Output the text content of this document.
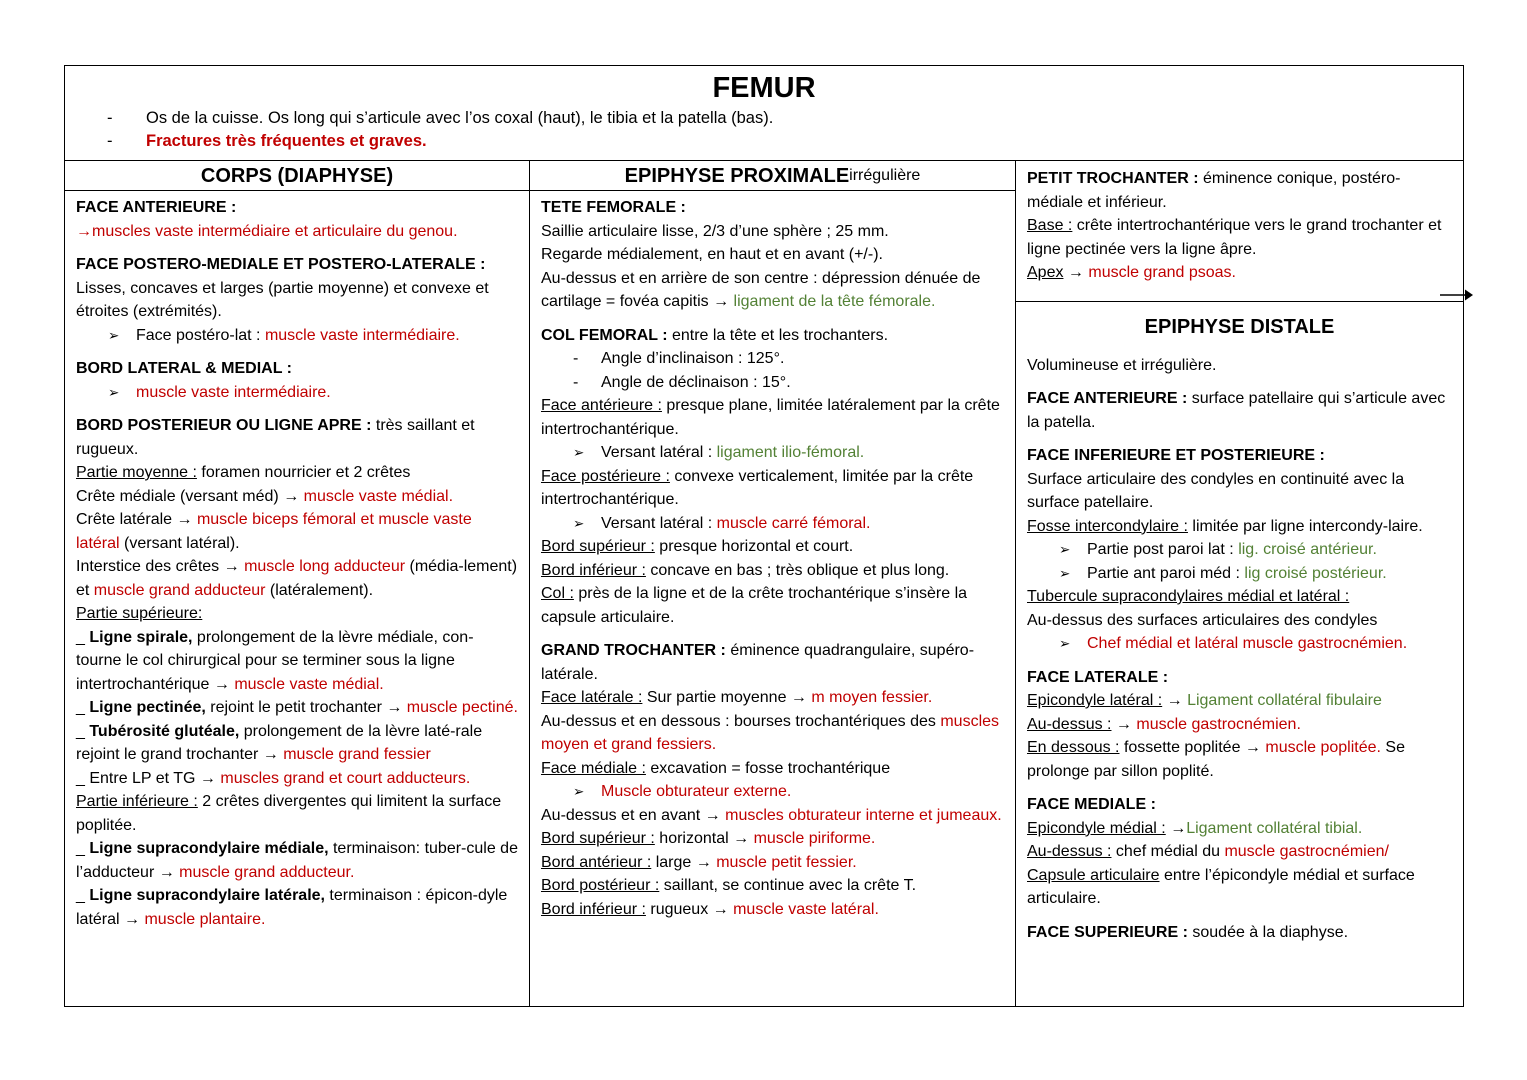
FEMUR
-	Os de la cuisse. Os long qui s’articule avec l’os coxal (haut), le tibia et la patella (bas).
-	Fractures très fréquentes et graves.
CORPS (DIAPHYSE)
FACE ANTERIEURE :
→muscles vaste intermédiaire et articulaire du genou.
FACE POSTERO-MEDIALE ET POSTERO-LATERALE :
Lisses, concaves et larges (partie moyenne) et convexe et étroites (extrémités).
➢	Face postéro-lat : muscle vaste intermédiaire.
BORD LATERAL & MEDIAL :
➢	muscle vaste intermédiaire.
BORD POSTERIEUR OU LIGNE APRE : très saillant et rugueux.
Partie moyenne : foramen nourricier et 2 crêtes
Crête médiale (versant méd) → muscle vaste médial.
Crête latérale → muscle biceps fémoral et muscle vaste latéral (versant latéral).
Interstice des crêtes → muscle long adducteur (média-lement) et muscle grand adducteur (latéralement).
Partie supérieure:
_ Ligne spirale, prolongement de la lèvre médiale, con-tourne le col chirurgical pour se terminer sous la ligne intertrochantérique → muscle vaste médial.
_ Ligne pectinée, rejoint le petit trochanter → muscle pectiné.
_ Tubérosité glutéale, prolongement de la lèvre laté-rale rejoint le grand trochanter → muscle grand fessier
_ Entre LP et TG → muscles grand et court adducteurs.
Partie inférieure : 2 crêtes divergentes qui limitent la surface poplitée.
_ Ligne supracondylaire médiale, terminaison: tuber-cule de l’adducteur → muscle grand adducteur.
_ Ligne supracondylaire latérale, terminaison : épicon-dyle latéral → muscle plantaire.
EPIPHYSE PROXIMALE irrégulière
TETE FEMORALE :
Saillie articulaire lisse, 2/3 d’une sphère ; 25 mm.
Regarde médialement, en haut et en avant (+/-).
Au-dessus et en arrière de son centre : dépression dénuée de cartilage = fovéa capitis → ligament de la tête fémorale.
COL FEMORAL : entre la tête et les trochanters.
-	Angle d’inclinaison : 125°.
-	Angle de déclinaison : 15°.
Face antérieure : presque plane, limitée latéralement par la crête intertrochantérique.
➢	Versant latéral : ligament ilio-fémoral.
Face postérieure : convexe verticalement, limitée par la crête intertrochantérique.
➢	Versant latéral : muscle carré fémoral.
Bord supérieur : presque horizontal et court.
Bord inférieur : concave en bas ; très oblique et plus long.
Col : près de la ligne et de la crête trochantérique s’insère la capsule articulaire.
GRAND TROCHANTER : éminence quadrangulaire, supéro-latérale.
Face latérale : Sur partie moyenne → m moyen fessier.
Au-dessus et en dessous : bourses trochantériques des muscles moyen et grand fessiers.
Face médiale : excavation = fosse trochantérique
➢	Muscle obturateur externe.
Au-dessus et en avant → muscles obturateur interne et jumeaux.
Bord supérieur : horizontal → muscle piriforme.
Bord antérieur : large → muscle petit fessier.
Bord postérieur : saillant, se continue avec la crête T.
Bord inférieur : rugueux → muscle vaste latéral.
PETIT TROCHANTER : éminence conique, postéro-médiale et inférieur.
Base : crête intertrochantérique vers le grand trochanter et ligne pectinée vers la ligne âpre.
Apex → muscle grand psoas.
EPIPHYSE DISTALE
Volumineuse et irrégulière.
FACE ANTERIEURE : surface patellaire qui s’articule avec la patella.
FACE INFERIEURE ET POSTERIEURE :
Surface articulaire des condyles en continuité avec la surface patellaire.
Fosse intercondylaire : limitée par ligne intercondy-laire.
➢	Partie post paroi lat : lig. croisé antérieur.
➢	Partie ant paroi méd : lig croisé postérieur.
Tubercule supracondylaires médial et latéral :
Au-dessus des surfaces articulaires des condyles
➢	Chef médial et latéral muscle gastrocnémien.
FACE LATERALE :
Epicondyle latéral : → Ligament collatéral fibulaire
Au-dessus : → muscle gastrocnémien.
En dessous : fossette poplitée → muscle poplitée. Se prolonge par sillon poplité.
FACE MEDIALE :
Epicondyle médial : →Ligament collatéral tibial.
Au-dessus : chef médial du muscle gastrocnémien/
Capsule articulaire entre l’épicondyle médial et surface articulaire.
FACE SUPERIEURE : soudée à la diaphyse.
